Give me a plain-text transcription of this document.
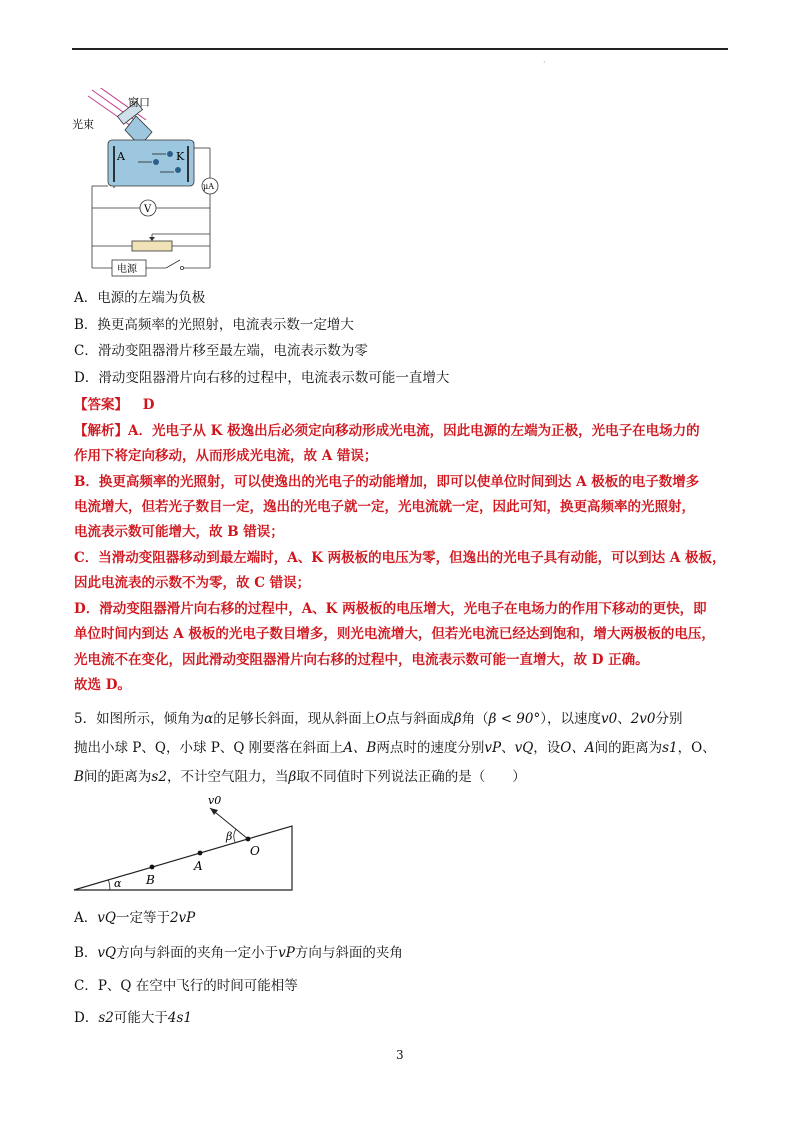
·
窗口
光束
A	K
μA
V
电源
A．电源的左端为负极
B．换更高频率的光照射，电流表示数一定增大
C．滑动变阻器滑片移至最左端，电流表示数为零
D．滑动变阻器滑片向右移的过程中，电流表示数可能一直增大
【答案】 D
【解析】A．光电子从 K 极逸出后必须定向移动形成光电流，因此电源的左端为正极，光电子在电场力的
作用下将定向移动，从而形成光电流，故 A 错误；
B．换更高频率的光照射，可以使逸出的光电子的动能增加，即可以使单位时间到达 A 极板的电子数增多
电流增大，但若光子数目一定，逸出的光电子就一定，光电流就一定，因此可知，换更高频率的光照射，
电流表示数可能增大，故 B 错误；
C．当滑动变阻器移动到最左端时，A、K 两极板的电压为零，但逸出的光电子具有动能，可以到达 A 极板，
因此电流表的示数不为零，故 C 错误；
D．滑动变阻器滑片向右移的过程中，A、K 两极板的电压增大，光电子在电场力的作用下移动的更快，即
单位时间内到达 A 极板的光电子数目增多，则光电流增大，但若光电流已经达到饱和，增大两极板的电压，
光电流不在变化，因此滑动变阻器滑片向右移的过程中，电流表示数可能一直增大，故 D 正确。
故选 D。
5．如图所示，倾角为α的足够长斜面，现从斜面上O点与斜面成β角（β < 90°），以速度v0、2v0分别
抛出小球 P、Q，小球 P、Q 刚要落在斜面上A、B两点时的速度分别vP、vQ，设O、A间的距离为s1，O、
B间的距离为s2，不计空气阻力，当β取不同值时下列说法正确的是（　　）
α B
A
O
v0
β
A．vQ一定等于2vP
B．vQ方向与斜面的夹角一定小于vP方向与斜面的夹角
C．P、Q 在空中飞行的时间可能相等
D．s2可能大于4s1
3
